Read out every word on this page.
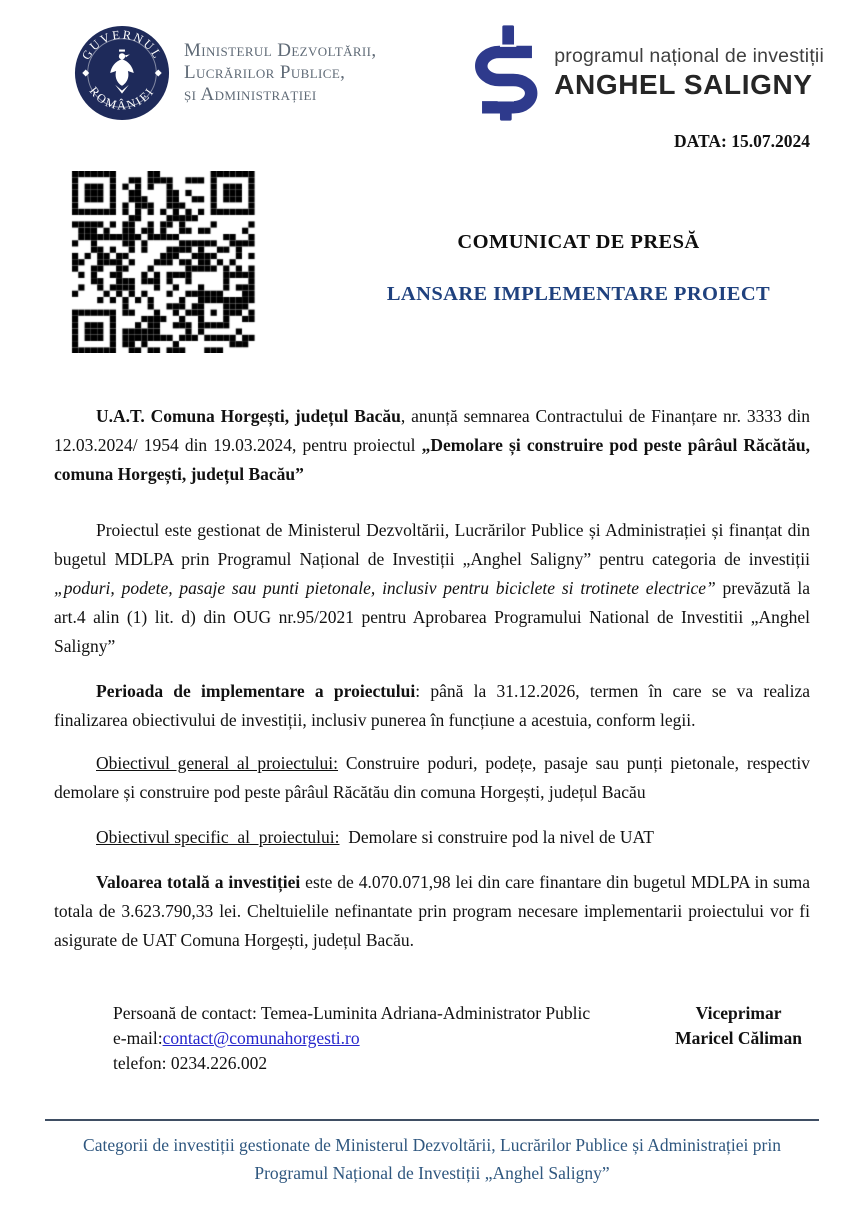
GUVERNUL
ROMÂNIEI
Ministerul Dezvoltării,
Lucrărilor Publice,
și Administrației
programul național de investiții
ANGHEL SALIGNY
DATA: 15.07.2024
COMUNICAT DE PRESĂ
LANSARE IMPLEMENTARE PROIECT

U.A.T. Comuna Horgești, județul Bacău, anunță semnarea Contractului de Finanțare nr. 3333 din 12.03.2024/ 1954 din 19.03.2024, pentru proiectul „Demolare și construire pod peste pârâul Răcătău, comuna Horgești, județul Bacău”

Proiectul este gestionat de Ministerul Dezvoltării, Lucrărilor Publice și Administrației și finanțat din bugetul MDLPA prin Programul Național de Investiții „Anghel Saligny” pentru categoria de investiții „poduri, podete, pasaje sau punti pietonale, inclusiv pentru biciclete si trotinete electrice” prevăzută la art.4 alin (1) lit. d) din OUG nr.95/2021 pentru Aprobarea Programului National de Investitii „Anghel Saligny”

Perioada de implementare a proiectului: până la 31.12.2026, termen în care se va realiza finalizarea obiectivului de investiții, inclusiv punerea în funcțiune a acestuia, conform legii.

Obiectivul general al proiectului: Construire poduri, podețe, pasaje sau punți pietonale, respectiv demolare și construire pod peste pârâul Răcătău din comuna Horgești, județul Bacău

Obiectivul specific  al  proiectului:  Demolare si construire pod la nivel de UAT

Valoarea totală a investiției este de 4.070.071,98 lei din care finantare din bugetul MDLPA in suma totala de 3.623.790,33 lei. Cheltuielile nefinantate prin program necesare implementarii proiectului vor fi asigurate de UAT Comuna Horgești, județul Bacău.

Persoană de contact: Temea-Luminita Adriana-Administrator Public
e-mail:contact@comunahorgesti.ro
telefon: 0234.226.002
Viceprimar
Maricel Căliman
Categorii de investiții gestionate de Ministerul Dezvoltării, Lucrărilor Publice și Administrației prin Programul Național de Investiții „Anghel Saligny”
